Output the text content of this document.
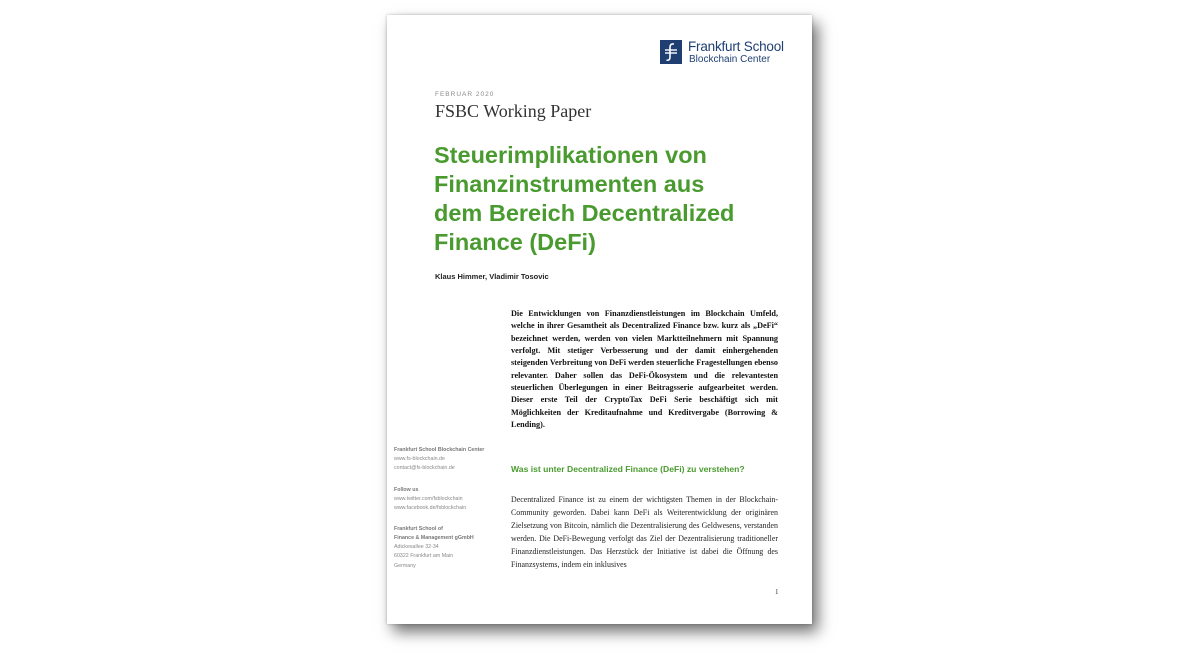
Frankfurt School
Blockchain Center
FEBRUAR 2020
FSBC Working Paper
Steuerimplikationen von
Finanzinstrumenten aus
dem Bereich Decentralized
Finance (DeFi)
Klaus Himmer, Vladimir Tosovic
Die Entwicklungen von Finanzdienstleistungen im Blockchain Umfeld, welche in ihrer Gesamtheit als Decentralized Finance bzw. kurz als „DeFi“ bezeichnet werden, werden von vielen Marktteilnehmern mit Spannung verfolgt. Mit stetiger Verbesserung und der damit einhergehenden steigenden Verbreitung von DeFi werden steuerliche Fragestellungen ebenso relevanter. Daher sollen das DeFi-Ökosystem und die relevantesten steuerlichen Überlegungen in einer Beitragsserie aufgearbeitet werden. Dieser erste Teil der CryptoTax DeFi Serie beschäftigt sich mit Möglichkeiten der Kreditaufnahme und Kreditvergabe (Borrowing & Lending).
Was ist unter Decentralized Finance (DeFi) zu verstehen?
Decentralized Finance ist zu einem der wichtigsten Themen in der Blockchain-Community geworden. Dabei kann DeFi als Weiterentwicklung der originären Zielsetzung von Bitcoin, nämlich die Dezentralisierung des Geldwesens, verstanden werden. Die DeFi-Bewegung verfolgt das Ziel der Dezentralisierung traditioneller Finanzdienstleistungen. Das Herzstück der Initiative ist dabei die Öffnung des Finanzsystems, indem ein inklusives
Frankfurt School Blockchain Center
www.fs-blockchain.de
contact@fs-blockchain.de
Follow us
www.twitter.com/fsblockchain
www.facebook.de/fsblockchain
Frankfurt School of
Finance & Management gGmbH
Adickesallee 32-34
60322 Frankfurt am Main
Germany
1
